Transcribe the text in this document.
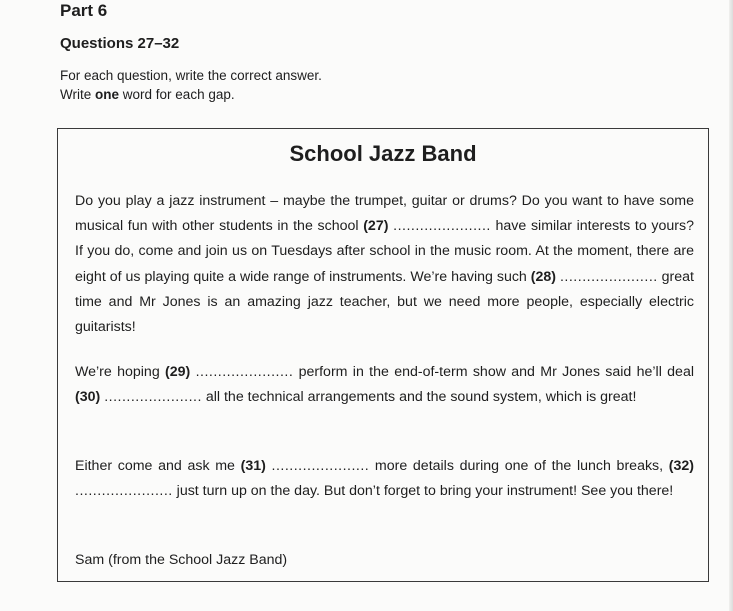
Part 6
Questions 27–32

For each question, write the correct answer.

Write one word for each gap.

School Jazz Band

Do you play a jazz instrument – maybe the trumpet, guitar or drums? Do you want to have some musical fun with other students in the school (27) ...................... have similar interests to yours? If you do, come and join us on Tuesdays after school in the music room. At the moment, there are eight of us playing quite a wide range of instruments. We’re having such (28) ...................... great time and Mr Jones is an amazing jazz teacher, but we need more people, especially electric guitarists!

We’re hoping (29) ...................... perform in the end-of-term show and Mr Jones said he’ll deal (30) ...................... all the technical arrangements and the sound system, which is great!

Either come and ask me (31) ...................... more details during one of the lunch breaks, (32) ...................... just turn up on the day. But don’t forget to bring your instrument! See you there!

Sam (from the School Jazz Band)
